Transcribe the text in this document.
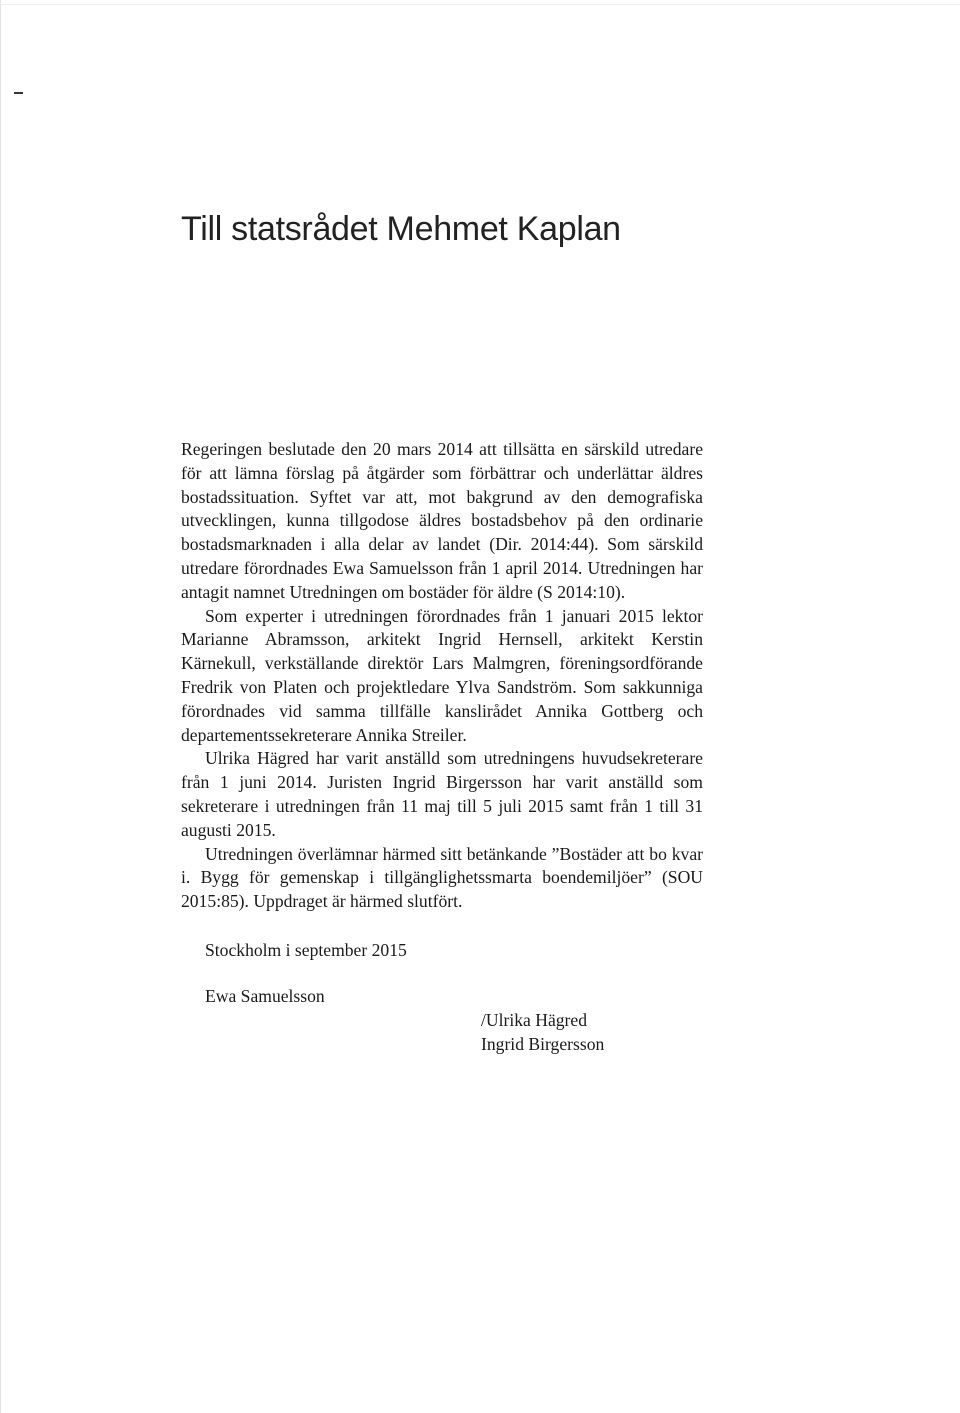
Till statsrådet Mehmet Kaplan

Regeringen beslutade den 20 mars 2014 att tillsätta en särskild utredare för att lämna förslag på åtgärder som förbättrar och underlättar äldres bostadssituation. Syftet var att, mot bakgrund av den demografiska utvecklingen, kunna tillgodose äldres bostadsbehov på den ordinarie bostadsmarknaden i alla delar av landet (Dir. 2014:44). Som särskild utredare förordnades Ewa Samuelsson från 1 april 2014. Utredningen har antagit namnet Utredningen om bostäder för äldre (S 2014:10).

Som experter i utredningen förordnades från 1 januari 2015 lektor Marianne Abramsson, arkitekt Ingrid Hernsell, arkitekt Kerstin Kärnekull, verkställande direktör Lars Malmgren, föreningsordförande Fredrik von Platen och projektledare Ylva Sandström. Som sakkunniga förordnades vid samma tillfälle kanslirådet Annika Gottberg och departementssekreterare Annika Streiler.

Ulrika Hägred har varit anställd som utredningens huvudsekreterare från 1 juni 2014. Juristen Ingrid Birgersson har varit anställd som sekreterare i utredningen från 11 maj till 5 juli 2015 samt från 1 till 31 augusti 2015.

Utredningen överlämnar härmed sitt betänkande ”Bostäder att bo kvar i. Bygg för gemenskap i tillgänglighetssmarta boendemiljöer” (SOU 2015:85). Uppdraget är härmed slutfört.

Stockholm i september 2015

Ewa Samuelsson

/Ulrika Hägred
Ingrid Birgersson
